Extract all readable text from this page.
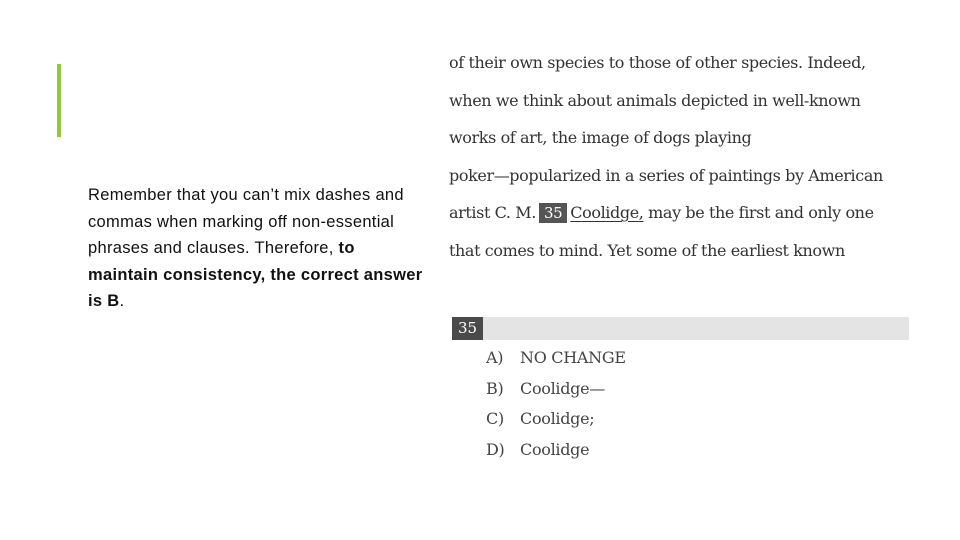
Remember that you can’t mix dashes and commas when marking off non-essential phrases and clauses. Therefore, to maintain consistency, the correct answer is B.
of their own species to those of other species. Indeed,
when we think about animals depicted in well-known
works of art, the image of dogs playing
poker—popularized in a series of paintings by American
artist C. M. 35 Coolidge, may be the first and only one
that comes to mind. Yet some of the earliest known
35
A) NO CHANGE
B) Coolidge—
C) Coolidge;
D) Coolidge
